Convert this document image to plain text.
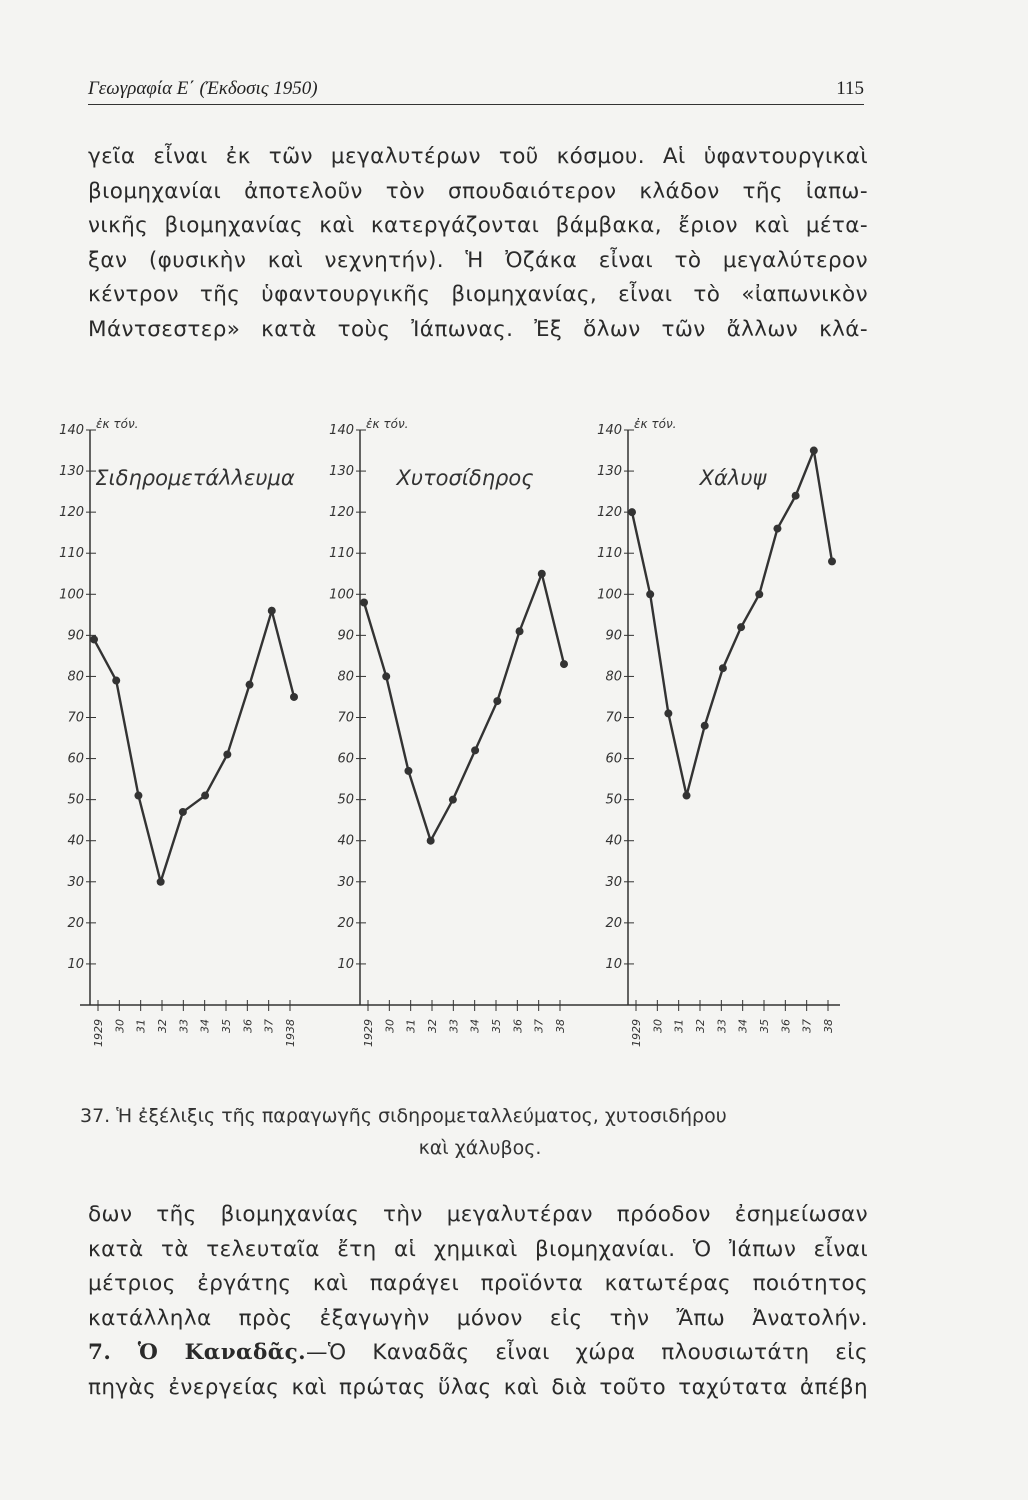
Γεωγραφία Ε΄ (Έκδοσις 1950)	115
γεῖα εἶναι ἐκ τῶν μεγαλυτέρων τοῦ κόσμου. Αἱ ὑφαντουργικαὶ
βιομηχανίαι ἀποτελοῦν τὸν σπουδαιότερον κλάδον τῆς ἰαπω-
νικῆς βιομηχανίας καὶ κατεργάζονται βάμβακα, ἔριον καὶ μέτα-
ξαν (φυσικὴν καὶ νεχνητήν). Ἡ Ὀζάκα εἶναι τὸ μεγαλύτερον
κέντρον τῆς ὑφαντουργικῆς βιομηχανίας, εἶναι τὸ «ἰαπωνικὸν
Μάντσεστερ» κατὰ τοὺς Ἰάπωνας. Ἐξ ὅλων τῶν ἄλλων κλά-
10
20
30
40
50
60
70
80
90
100
110
120
130
140 ἐκ τόν.
Σιδηρομετάλλευμα
1929 30 31 32 33 34 35 36 37 1938
10
20
30
40
50
60
70
80
90
100
110
120
130
140 ἐκ τόν.
Χυτοσίδηρος
1929 30 31 32 33 34 35 36 37 38
10
20
30
40
50
60
70
80
90
100
110
120
130
140 ἐκ τόν.
Χάλυψ
1929 30 31 32 33 34 35 36 37 38
37. Ἡ ἐξέλιξις τῆς παραγωγῆς σιδηρομεταλλεύματος, χυτοσιδήρου
καὶ χάλυβος.
δων τῆς βιομηχανίας τὴν μεγαλυτέραν πρόοδον ἐσημείωσαν
κατὰ τὰ τελευταῖα ἔτη αἱ χημικαὶ βιομηχανίαι. Ὁ Ἰάπων εἶναι
μέτριος ἐργάτης καὶ παράγει προϊόντα κατωτέρας ποιότητος
κατάλληλα πρὸς ἐξαγωγὴν μόνον εἰς τὴν Ἄπω Ἀνατολήν.
7. Ὁ Καναδᾶς.—Ὁ Καναδᾶς εἶναι χώρα πλουσιωτάτη εἰς
πηγὰς ἐνεργείας καὶ πρώτας ὕλας καὶ διὰ τοῦτο ταχύτατα ἀπέβη
